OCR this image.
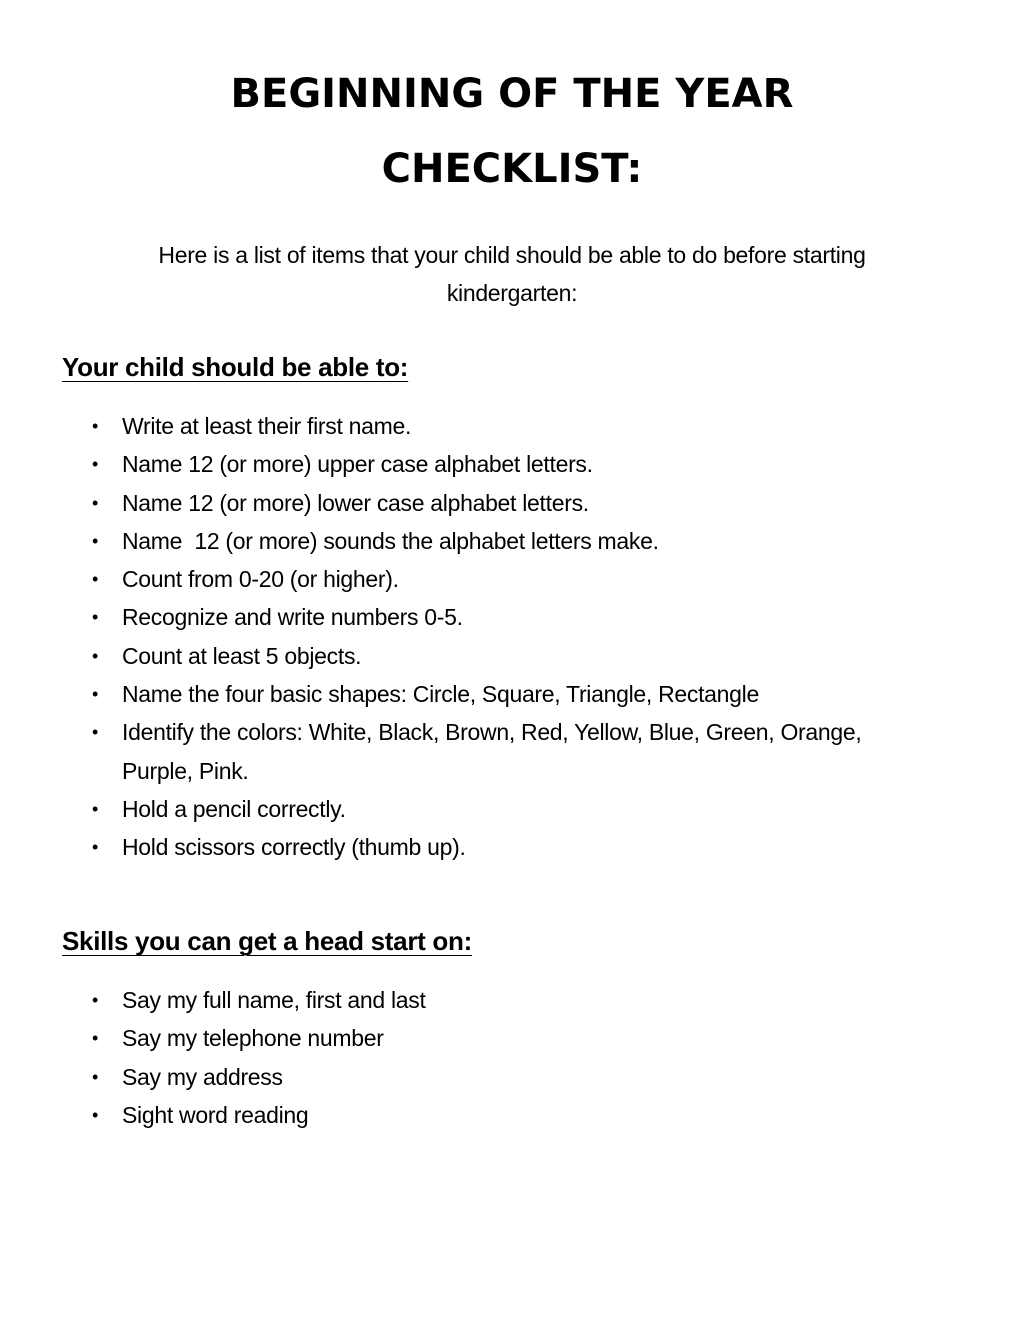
BEGINNING OF THE YEAR
CHECKLIST:

Here is a list of items that your child should be able to do before starting kindergarten:

Your child should be able to:
• Write at least their first name.
• Name 12 (or more) upper case alphabet letters.
• Name 12 (or more) lower case alphabet letters.
• Name  12 (or more) sounds the alphabet letters make.
• Count from 0-20 (or higher).
• Recognize and write numbers 0-5.
• Count at least 5 objects.
• Name the four basic shapes: Circle, Square, Triangle, Rectangle
• Identify the colors: White, Black, Brown, Red, Yellow, Blue, Green, Orange, Purple, Pink.
• Hold a pencil correctly.
• Hold scissors correctly (thumb up).
Skills you can get a head start on:
• Say my full name, first and last
• Say my telephone number
• Say my address
• Sight word reading
